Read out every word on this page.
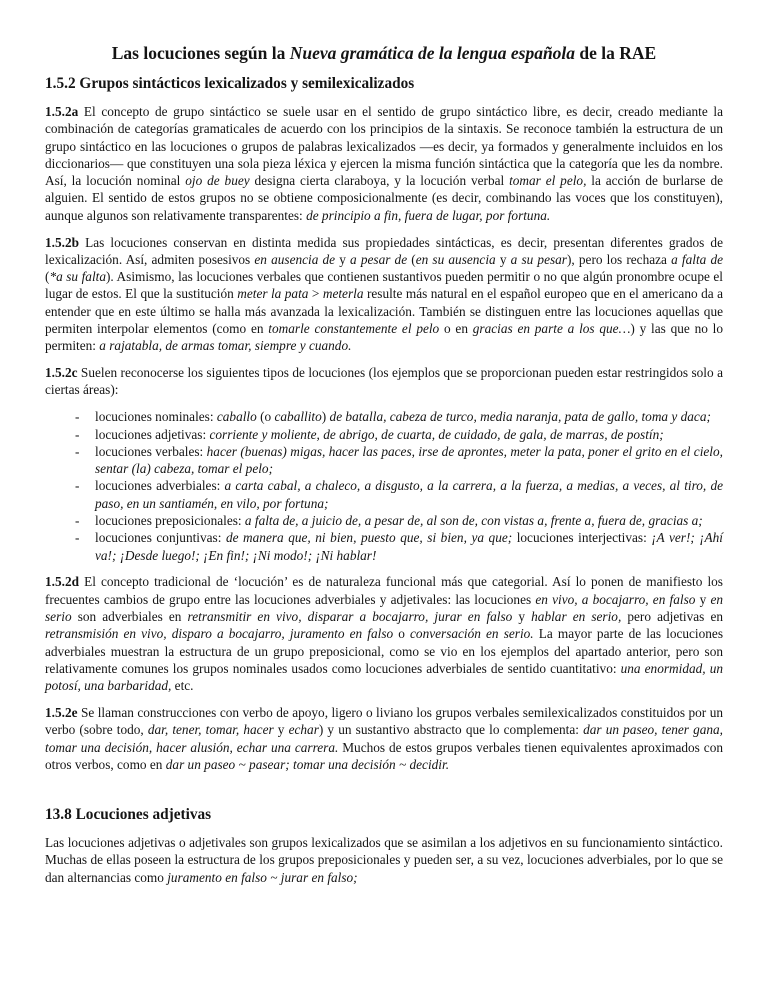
Las locuciones según la Nueva gramática de la lengua española de la RAE
1.5.2 Grupos sintácticos lexicalizados y semilexicalizados

1.5.2a El concepto de grupo sintáctico se suele usar en el sentido de grupo sintáctico libre, es decir, creado mediante la combinación de categorías gramaticales de acuerdo con los principios de la sintaxis. Se reconoce también la estructura de un grupo sintáctico en las locuciones o grupos de palabras lexicalizados —es decir, ya formados y generalmente incluidos en los diccionarios— que constituyen una sola pieza léxica y ejercen la misma función sintáctica que la categoría que les da nombre. Así, la locución nominal ojo de buey designa cierta claraboya, y la locución verbal tomar el pelo, la acción de burlarse de alguien. El sentido de estos grupos no se obtiene composicionalmente (es decir, combinando las voces que los constituyen), aunque algunos son relativamente transparentes: de principio a fin, fuera de lugar, por fortuna.

1.5.2b Las locuciones conservan en distinta medida sus propiedades sintácticas, es decir, presentan diferentes grados de lexicalización. Así, admiten posesivos en ausencia de y a pesar de (en su ausencia y a su pesar), pero los rechaza a falta de (*a su falta). Asimismo, las locuciones verbales que contienen sustantivos pueden permitir o no que algún pronombre ocupe el lugar de estos. El que la sustitución meter la pata > meterla resulte más natural en el español europeo que en el americano da a entender que en este último se halla más avanzada la lexicalización. También se distinguen entre las locuciones aquellas que permiten interpolar elementos (como en tomarle constantemente el pelo o en gracias en parte a los que…) y las que no lo permiten: a rajatabla, de armas tomar, siempre y cuando.

1.5.2c Suelen reconocerse los siguientes tipos de locuciones (los ejemplos que se proporcionan pueden estar restringidos solo a ciertas áreas):

- locuciones nominales: caballo (o caballito) de batalla, cabeza de turco, media naranja, pata de gallo, toma y daca;
- locuciones adjetivas: corriente y moliente, de abrigo, de cuarta, de cuidado, de gala, de marras, de postín;
- locuciones verbales: hacer (buenas) migas, hacer las paces, irse de aprontes, meter la pata, poner el grito en el cielo, sentar (la) cabeza, tomar el pelo;
- locuciones adverbiales: a carta cabal, a chaleco, a disgusto, a la carrera, a la fuerza, a medias, a veces, al tiro, de paso, en un santiamén, en vilo, por fortuna;
- locuciones preposicionales: a falta de, a juicio de, a pesar de, al son de, con vistas a, frente a, fuera de, gracias a;
- locuciones conjuntivas: de manera que, ni bien, puesto que, si bien, ya que; locuciones interjectivas: ¡A ver!; ¡Ahí va!; ¡Desde luego!; ¡En fin!; ¡Ni modo!; ¡Ni hablar!

1.5.2d El concepto tradicional de ‘locución’ es de naturaleza funcional más que categorial. Así lo ponen de manifiesto los frecuentes cambios de grupo entre las locuciones adverbiales y adjetivales: las locuciones en vivo, a bocajarro, en falso y en serio son adverbiales en retransmitir en vivo, disparar a bocajarro, jurar en falso y hablar en serio, pero adjetivas en retransmisión en vivo, disparo a bocajarro, juramento en falso o conversación en serio. La mayor parte de las locuciones adverbiales muestran la estructura de un grupo preposicional, como se vio en los ejemplos del apartado anterior, pero son relativamente comunes los grupos nominales usados como locuciones adverbiales de sentido cuantitativo: una enormidad, un potosí, una barbaridad, etc.

1.5.2e Se llaman construcciones con verbo de apoyo, ligero o liviano los grupos verbales semilexicalizados constituidos por un verbo (sobre todo, dar, tener, tomar, hacer y echar) y un sustantivo abstracto que lo complementa: dar un paseo, tener gana, tomar una decisión, hacer alusión, echar una carrera. Muchos de estos grupos verbales tienen equivalentes aproximados con otros verbos, como en dar un paseo ~ pasear; tomar una decisión ~ decidir.

13.8 Locuciones adjetivas

Las locuciones adjetivas o adjetivales son grupos lexicalizados que se asimilan a los adjetivos en su funcionamiento sintáctico. Muchas de ellas poseen la estructura de los grupos preposicionales y pueden ser, a su vez, locuciones adverbiales, por lo que se dan alternancias como juramento en falso ~ jurar en falso;
